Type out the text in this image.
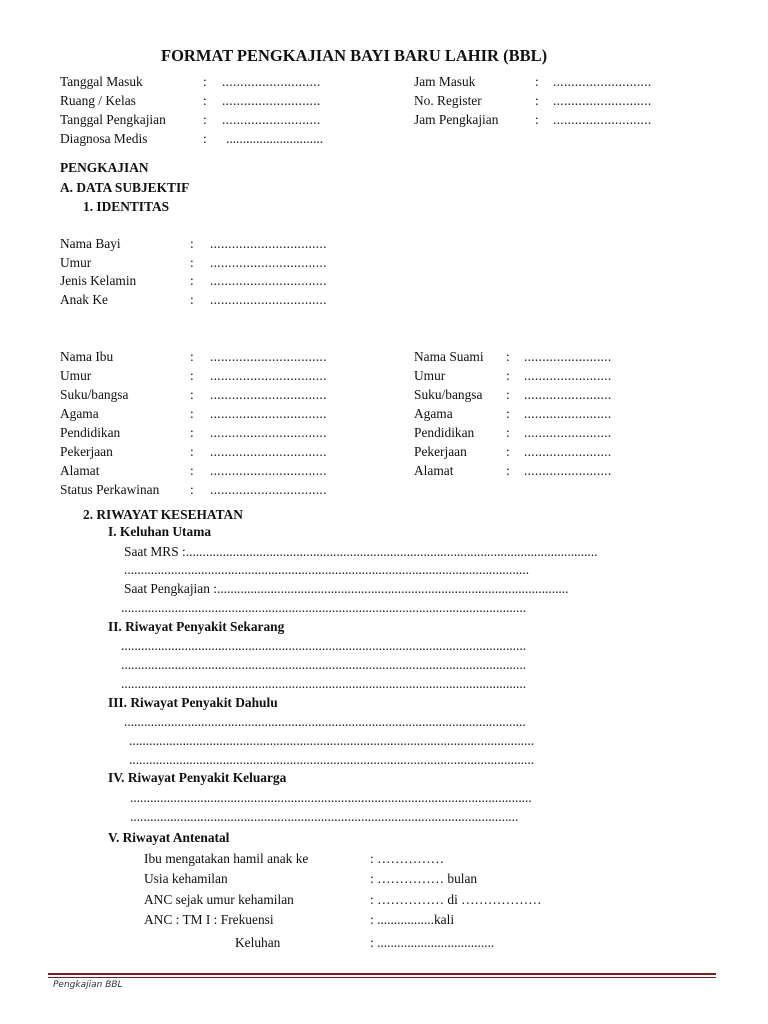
FORMAT PENGKAJIAN BAYI BARU LAHIR (BBL)
Tanggal Masuk	: ...........................
Ruang / Kelas	: ...........................
Tanggal Pengkajian	: ...........................
Diagnosa Medis	: .............................
Jam Masuk	: ...........................
No. Register	: ...........................
Jam Pengkajian	: ...........................
PENGKAJIAN
A. DATA SUBJEKTIF
1. IDENTITAS
Nama Bayi	: ................................
Umur	: ................................
Jenis Kelamin	: ................................
Anak Ke	: ................................
Nama Ibu	: ................................
Umur	: ................................
Suku/bangsa	: ................................
Agama	: ................................
Pendidikan	: ................................
Pekerjaan	: ................................
Alamat	: ................................
Status Perkawinan : ................................
Nama Suami : ........................
Umur	: ........................
Suku/bangsa : ........................
Agama	: ........................
Pendidikan : ........................
Pekerjaan	: ........................
Alamat	: ........................
2. RIWAYAT KESEHATAN
I. Keluhan Utama
Saat MRS :...........................................................................................................................
.........................................................................................................................
Saat Pengkajian :.........................................................................................................
.........................................................................................................................
II. Riwayat Penyakit Sekarang
.........................................................................................................................
.........................................................................................................................
.........................................................................................................................
III. Riwayat Penyakit Dahulu
........................................................................................................................
.........................................................................................................................
.........................................................................................................................
IV. Riwayat Penyakit Keluarga
........................................................................................................................
....................................................................................................................
V. Riwayat Antenatal
Ibu mengatakan hamil anak ke	: ……………
Usia kehamilan	: …………… bulan
ANC sejak umur kehamilan	: …………… di ………………
ANC : TM I : Frekuensi	: .................kali
Keluhan	: ...................................
Pengkajian BBL
